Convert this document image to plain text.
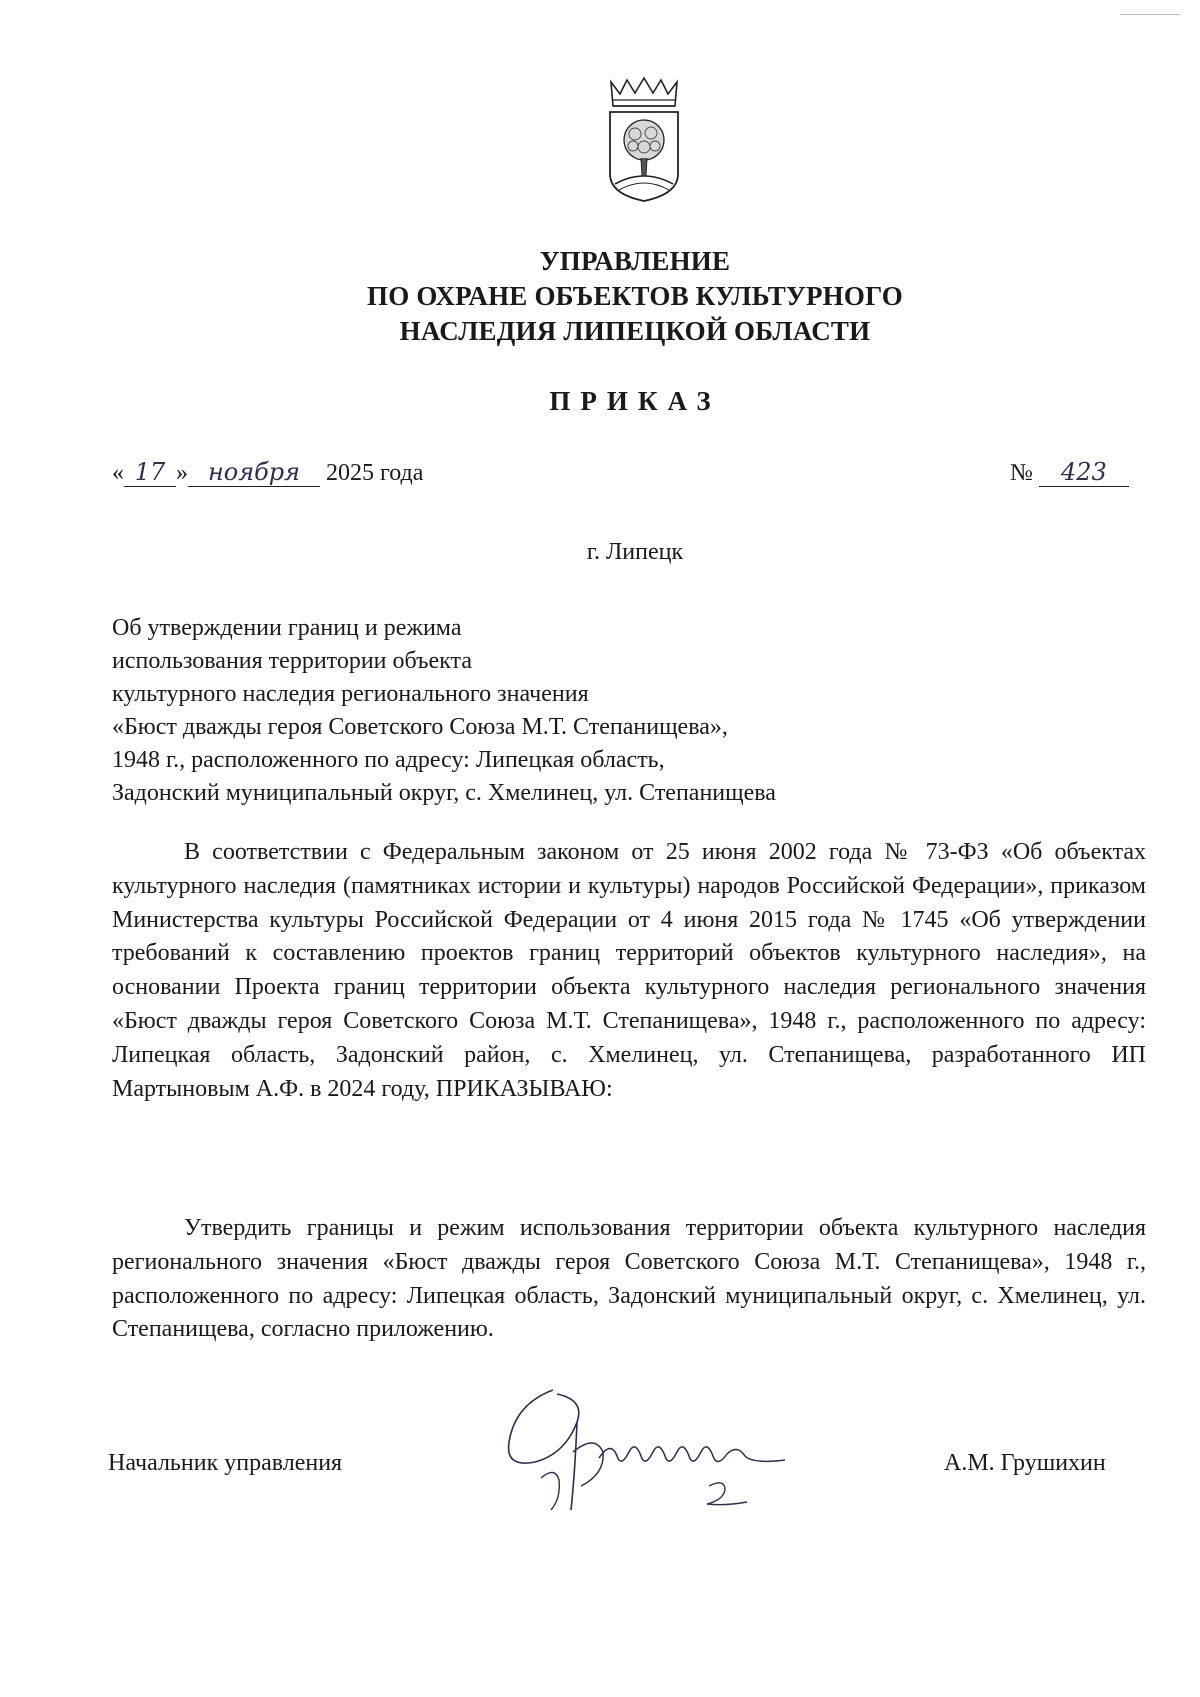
УПРАВЛЕНИЕ
ПО ОХРАНЕ ОБЪЕКТОВ КУЛЬТУРНОГО
НАСЛЕДИЯ ЛИПЕЦКОЙ ОБЛАСТИ
ПРИКАЗ
« 17 » ноября 2025 года	№ 423
г. Липецк
Об утверждении границ и режима
использования территории объекта
культурного наследия регионального значения
«Бюст дважды героя Советского Союза М.Т. Степанищева»,
1948 г., расположенного по адресу: Липецкая область,
Задонский муниципальный округ, с. Хмелинец, ул. Степанищева

В соответствии с Федеральным законом от 25 июня 2002 года № 73-ФЗ «Об объектах культурного наследия (памятниках истории и культуры) народов Российской Федерации», приказом Министерства культуры Российской Федерации от 4 июня 2015 года № 1745 «Об утверждении требований к составлению проектов границ территорий объектов культурного наследия», на основании Проекта границ территории объекта культурного наследия регионального значения «Бюст дважды героя Советского Союза М.Т. Степанищева», 1948 г., расположенного по адресу: Липецкая область, Задонский район, с. Хмелинец, ул. Степанищева, разработанного ИП Мартыновым А.Ф. в 2024 году, ПРИКАЗЫВАЮ:

Утвердить границы и режим использования территории объекта культурного наследия регионального значения «Бюст дважды героя Советского Союза М.Т. Степанищева», 1948 г., расположенного по адресу: Липецкая область, Задонский муниципальный округ, с. Хмелинец, ул. Степанищева, согласно приложению.

Начальник управления	А.М. Грушихин
